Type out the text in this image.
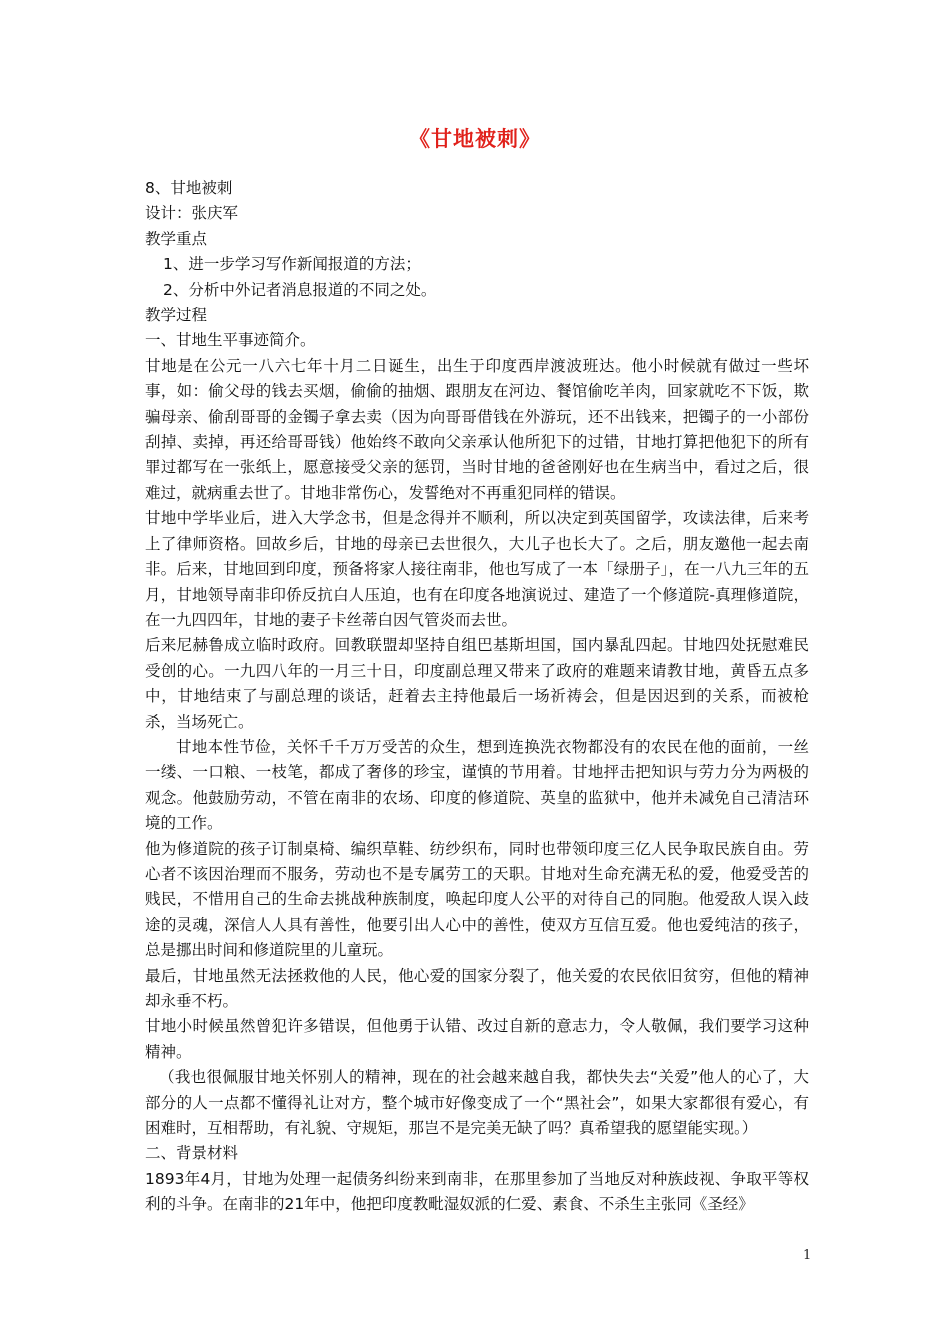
《甘地被刺》

8、甘地被刺

设计：张庆军

教学重点

1、进一步学习写作新闻报道的方法；

2、分析中外记者消息报道的不同之处。

教学过程

一、甘地生平事迹简介。

甘地是在公元一八六七年十月二日诞生，出生于印度西岸渡波班达。他小时候就有做过一些坏事，如：偷父母的钱去买烟，偷偷的抽烟、跟朋友在河边、餐馆偷吃羊肉，回家就吃不下饭，欺骗母亲、偷刮哥哥的金镯子拿去卖（因为向哥哥借钱在外游玩，还不出钱来，把镯子的一小部份刮掉、卖掉，再还给哥哥钱）他始终不敢向父亲承认他所犯下的过错，甘地打算把他犯下的所有罪过都写在一张纸上，愿意接受父亲的惩罚，当时甘地的爸爸刚好也在生病当中，看过之后，很难过，就病重去世了。甘地非常伤心，发誓绝对不再重犯同样的错误。

甘地中学毕业后，进入大学念书，但是念得并不顺利，所以决定到英国留学，攻读法律，后来考上了律师资格。回故乡后，甘地的母亲已去世很久，大儿子也长大了。之后，朋友邀他一起去南非。后来，甘地回到印度，预备将家人接往南非，他也写成了一本「绿册子」，在一八九三年的五月，甘地领导南非印侨反抗白人压迫，也有在印度各地演说过、建造了一个修道院-真理修道院，在一九四四年，甘地的妻子卡丝蒂白因气管炎而去世。

后来尼赫鲁成立临时政府。回教联盟却坚持自组巴基斯坦国，国内暴乱四起。甘地四处抚慰难民受创的心。一九四八年的一月三十日，印度副总理又带来了政府的难题来请教甘地，黄昏五点多中，甘地结束了与副总理的谈话，赶着去主持他最后一场祈祷会，但是因迟到的关系，而被枪杀，当场死亡。

甘地本性节俭，关怀千千万万受苦的众生，想到连换洗衣物都没有的农民在他的面前，一丝一缕、一口粮、一枝笔，都成了奢侈的珍宝，谨慎的节用着。甘地抨击把知识与劳力分为两极的观念。他鼓励劳动，不管在南非的农场、印度的修道院、英皇的监狱中，他并未减免自己清洁环境的工作。

他为修道院的孩子订制桌椅、编织草鞋、纺纱织布，同时也带领印度三亿人民争取民族自由。劳心者不该因治理而不服务，劳动也不是专属劳工的天职。甘地对生命充满无私的爱，他爱受苦的贱民，不惜用自己的生命去挑战种族制度，唤起印度人公平的对待自己的同胞。他爱敌人误入歧途的灵魂，深信人人具有善性，他要引出人心中的善性，使双方互信互爱。他也爱纯洁的孩子，总是挪出时间和修道院里的儿童玩。

最后，甘地虽然无法拯救他的人民，他心爱的国家分裂了，他关爱的农民依旧贫穷，但他的精神却永垂不朽。

甘地小时候虽然曾犯许多错误，但他勇于认错、改过自新的意志力，令人敬佩，我们要学习这种精神。

（我也很佩服甘地关怀别人的精神，现在的社会越来越自我，都快失去“关爱”他人的心了，大部分的人一点都不懂得礼让对方，整个城市好像变成了一个“黑社会”，如果大家都很有爱心，有困难时，互相帮助，有礼貌、守规矩，那岂不是完美无缺了吗？真希望我的愿望能实现。）

二、背景材料

1893年4月，甘地为处理一起债务纠纷来到南非，在那里参加了当地反对种族歧视、争取平等权利的斗争。在南非的21年中，他把印度教毗湿奴派的仁爱、素食、不杀生主张同《圣经》

1
